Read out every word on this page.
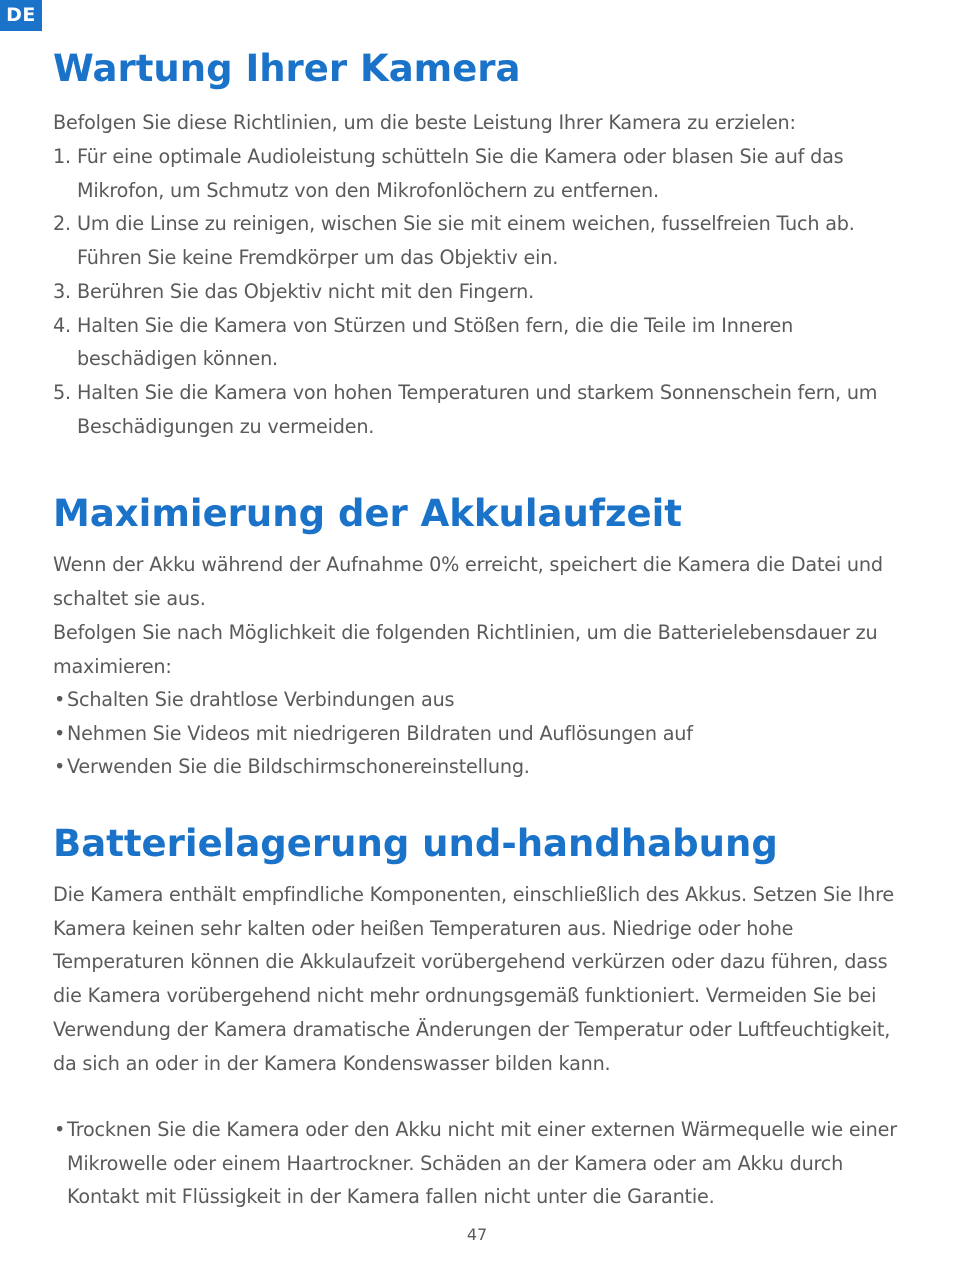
DE
Wartung Ihrer Kamera

Befolgen Sie diese Richtlinien, um die beste Leistung Ihrer Kamera zu erzielen:

1. Für eine optimale Audioleistung schütteln Sie die Kamera oder blasen Sie auf das Mikrofon, um Schmutz von den Mikrofonlöchern zu entfernen.
2. Um die Linse zu reinigen, wischen Sie sie mit einem weichen, fusselfreien Tuch ab. Führen Sie keine Fremdkörper um das Objektiv ein.
3. Berühren Sie das Objektiv nicht mit den Fingern.
4. Halten Sie die Kamera von Stürzen und Stößen fern, die die Teile im Inneren beschädigen können.
5. Halten Sie die Kamera von hohen Temperaturen und starkem Sonnenschein fern, um Beschädigungen zu vermeiden.
Maximierung der Akkulaufzeit

Wenn der Akku während der Aufnahme 0% erreicht, speichert die Kamera die Datei und schaltet sie aus.

Befolgen Sie nach Möglichkeit die folgenden Richtlinien, um die Batterielebensdauer zu maximieren:

• Schalten Sie drahtlose Verbindungen aus
• Nehmen Sie Videos mit niedrigeren Bildraten und Auflösungen auf
• Verwenden Sie die Bildschirmschonereinstellung.
Batterielagerung und-handhabung

Die Kamera enthält empfindliche Komponenten, einschließlich des Akkus. Setzen Sie Ihre Kamera keinen sehr kalten oder heißen Temperaturen aus. Niedrige oder hohe Temperaturen können die Akkulaufzeit vorübergehend verkürzen oder dazu führen, dass die Kamera vorübergehend nicht mehr ordnungsgemäß funktioniert. Vermeiden Sie bei Verwendung der Kamera dramatische Änderungen der Temperatur oder Luftfeuchtigkeit, da sich an oder in der Kamera Kondenswasser bilden kann.

• Trocknen Sie die Kamera oder den Akku nicht mit einer externen Wärmequelle wie einer Mikrowelle oder einem Haartrockner. Schäden an der Kamera oder am Akku durch Kontakt mit Flüssigkeit in der Kamera fallen nicht unter die Garantie.
47
